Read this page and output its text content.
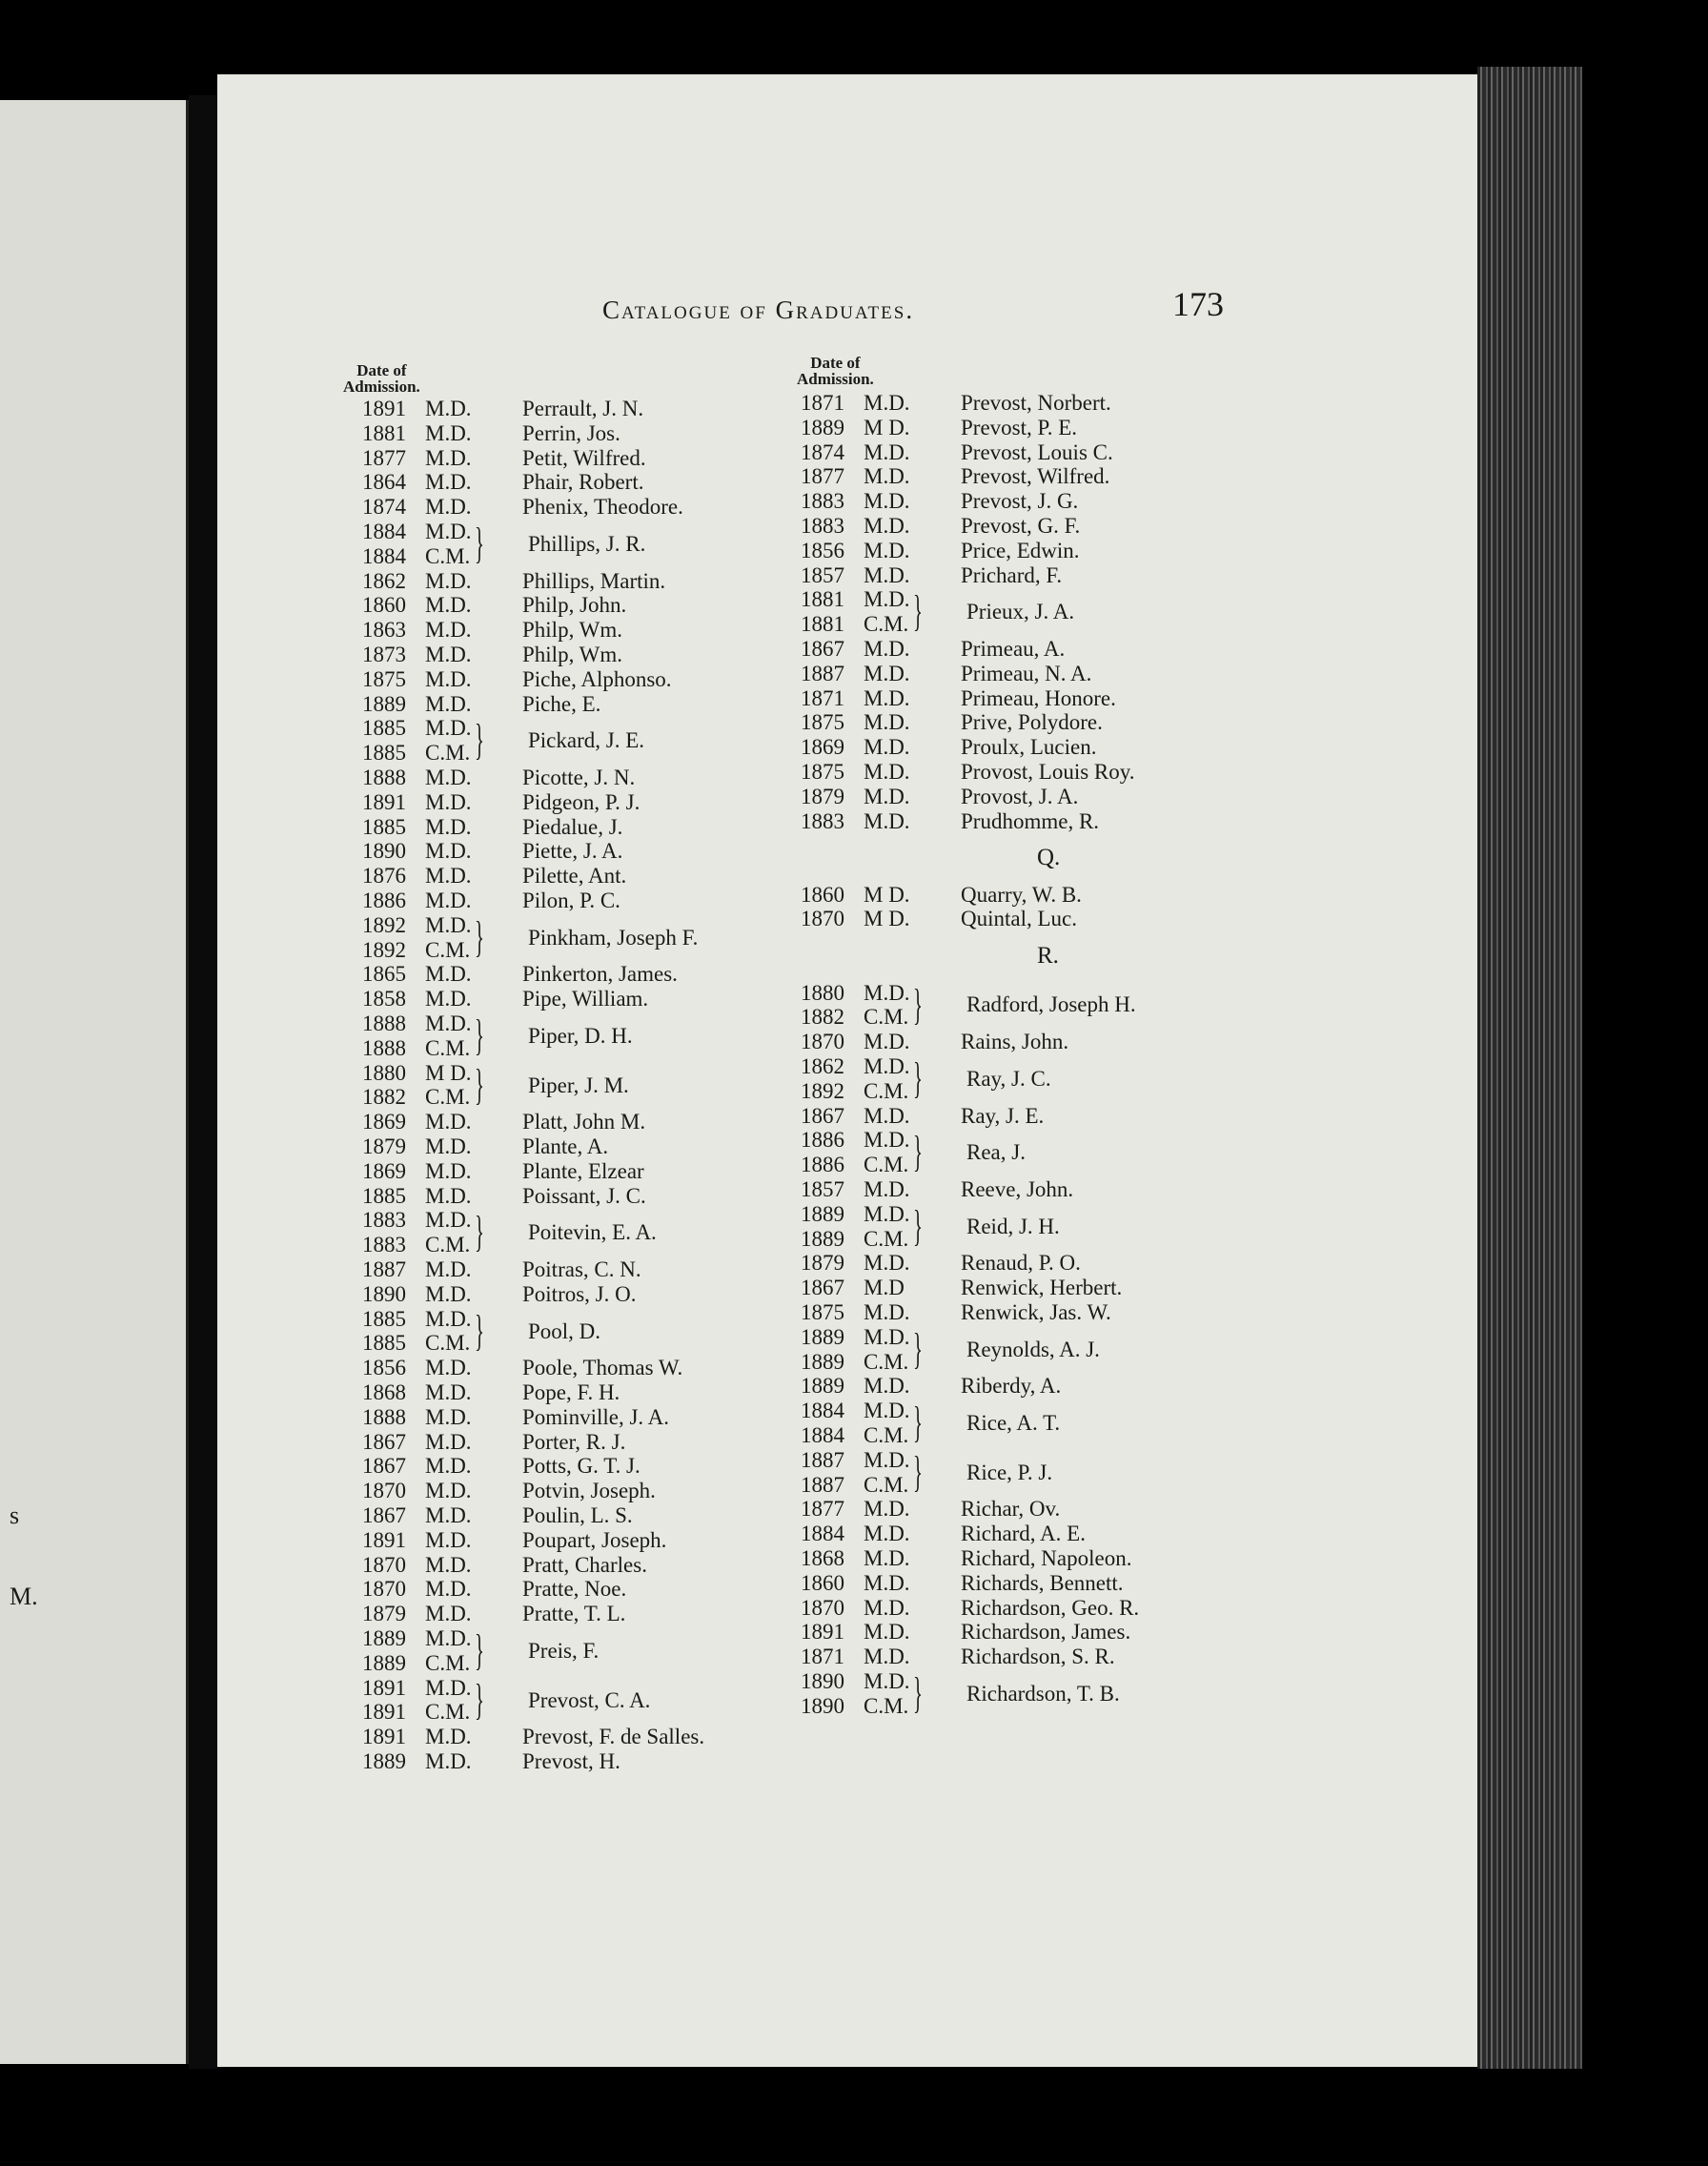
s
M.
Catalogue of Graduates.	173
Date of
Admission.
Date of
Admission.
1891 M.D. Perrault, J. N.
1881 M.D. Perrin, Jos.
1877 M.D. Petit, Wilfred.
1864 M.D. Phair, Robert.
1874 M.D. Phenix, Theodore.
1884 M.D.
1884 C.M. } Phillips, J. R.
1862 M.D. Phillips, Martin.
1860 M.D. Philp, John.
1863 M.D. Philp, Wm.
1873 M.D. Philp, Wm.
1875 M.D. Piche, Alphonso.
1889 M.D. Piche, E.
1885 M.D.
1885 C.M. } Pickard, J. E.
1888 M.D. Picotte, J. N.
1891 M.D. Pidgeon, P. J.
1885 M.D. Piedalue, J.
1890 M.D. Piette, J. A.
1876 M.D. Pilette, Ant.
1886 M.D. Pilon, P. C.
1892 M.D.
1892 C.M. } Pinkham, Joseph F.
1865 M.D. Pinkerton, James.
1858 M.D. Pipe, William.
1888 M.D.
1888 C.M. } Piper, D. H.
1880 M D.
1882 C.M. } Piper, J. M.
1869 M.D. Platt, John M.
1879 M.D. Plante, A.
1869 M.D. Plante, Elzear
1885 M.D. Poissant, J. C.
1883 M.D.
1883 C.M. } Poitevin, E. A.
1887 M.D. Poitras, C. N.
1890 M.D. Poitros, J. O.
1885 M.D.
1885 C.M. } Pool, D.
1856 M.D. Poole, Thomas W.
1868 M.D. Pope, F. H.
1888 M.D. Pominville, J. A.
1867 M.D. Porter, R. J.
1867 M.D. Potts, G. T. J.
1870 M.D. Potvin, Joseph.
1867 M.D. Poulin, L. S.
1891 M.D. Poupart, Joseph.
1870 M.D. Pratt, Charles.
1870 M.D. Pratte, Noe.
1879 M.D. Pratte, T. L.
1889 M.D.
1889 C.M. } Preis, F.
1891 M.D.
1891 C.M. } Prevost, C. A.
1891 M.D. Prevost, F. de Salles.
1889 M.D. Prevost, H.
1871 M.D. Prevost, Norbert.
1889 M D. Prevost, P. E.
1874 M.D. Prevost, Louis C.
1877 M.D. Prevost, Wilfred.
1883 M.D. Prevost, J. G.
1883 M.D. Prevost, G. F.
1856 M.D. Price, Edwin.
1857 M.D. Prichard, F.
1881 M.D.
1881 C.M. } Prieux, J. A.
1867 M.D. Primeau, A.
1887 M.D. Primeau, N. A.
1871 M.D. Primeau, Honore.
1875 M.D. Prive, Polydore.
1869 M.D. Proulx, Lucien.
1875 M.D. Provost, Louis Roy.
1879 M.D. Provost, J. A.
1883 M.D. Prudhomme, R.
Q.
1860 M D. Quarry, W. B.
1870 M D. Quintal, Luc.
R.
1880 M.D.
1882 C.M. } Radford, Joseph H.
1870 M.D. Rains, John.
1862 M.D.
1892 C.M. } Ray, J. C.
1867 M.D. Ray, J. E.
1886 M.D.
1886 C.M. } Rea, J.
1857 M.D. Reeve, John.
1889 M.D.
1889 C.M. } Reid, J. H.
1879 M.D. Renaud, P. O.
1867 M.D	Renwick, Herbert.
1875 M.D. Renwick, Jas. W.
1889 M.D.
1889 C.M. } Reynolds, A. J.
1889 M.D. Riberdy, A.
1884 M.D.
1884 C.M. } Rice, A. T.
1887 M.D.
1887 C.M. } Rice, P. J.
1877 M.D. Richar, Ov.
1884 M.D. Richard, A. E.
1868 M.D. Richard, Napoleon.
1860 M.D. Richards, Bennett.
1870 M.D. Richardson, Geo. R.
1891 M.D. Richardson, James.
1871 M.D. Richardson, S. R.
1890 M.D.
1890 C.M. } Richardson, T. B.
